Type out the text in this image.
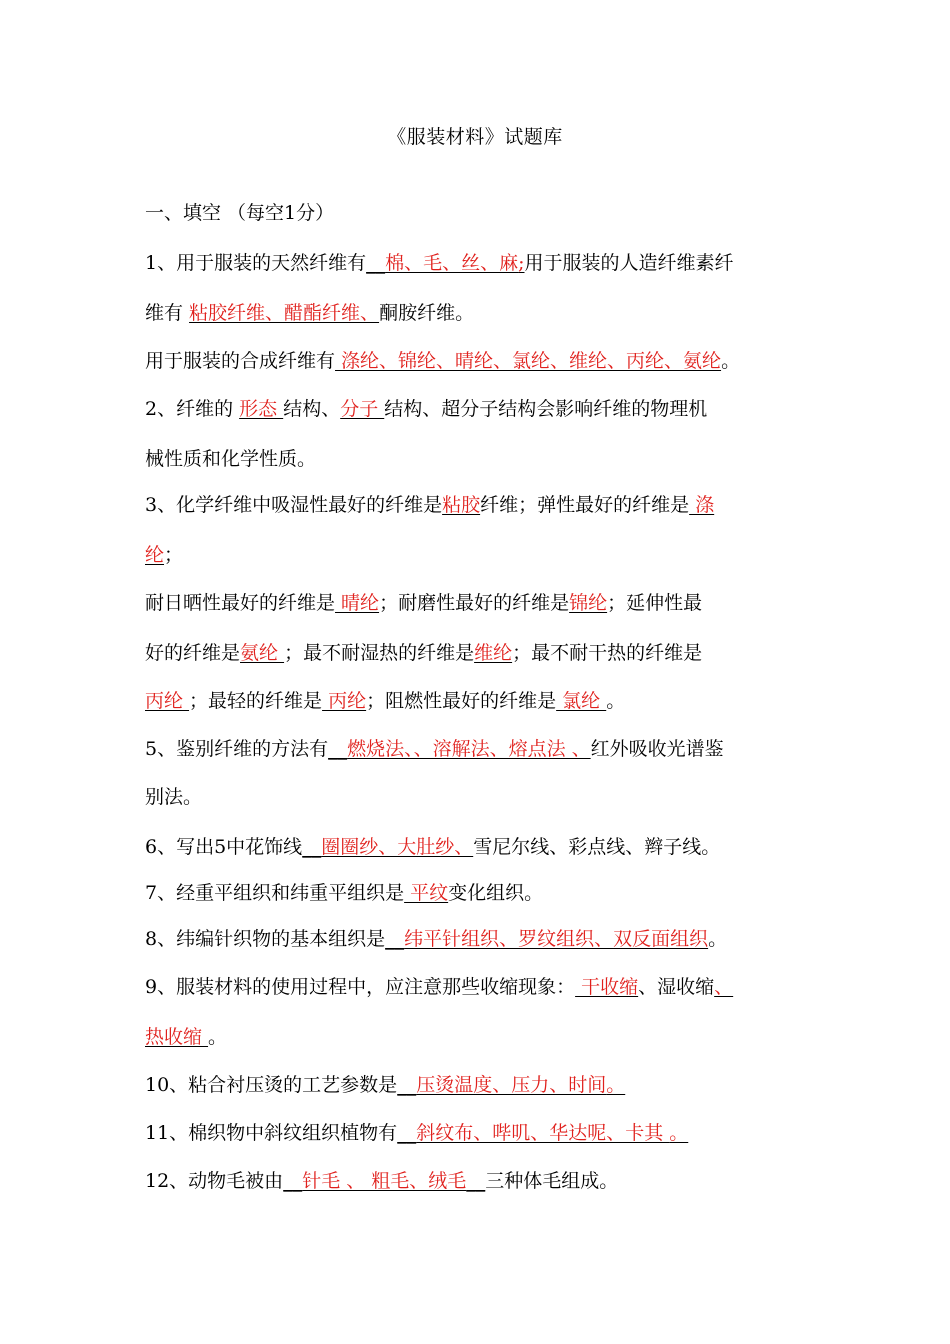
《服装材料》试题库
一、填空 （每空1分）
1、用于服装的天然纤维有__棉、毛、丝、麻;用于服装的人造纤维素纤
维有 粘胶纤维、醋酯纤维、酮胺纤维。
用于服装的合成纤维有 涤纶、锦纶、晴纶、氯纶、维纶、丙纶、氨纶。
2、纤维的 形态 结构、分子 结构、超分子结构会影响纤维的物理机
械性质和化学性质。
3、化学纤维中吸湿性最好的纤维是粘胶纤维；弹性最好的纤维是 涤
纶；
耐日晒性最好的纤维是 晴纶；耐磨性最好的纤维是锦纶；延伸性最
好的纤维是氨纶 ；最不耐湿热的纤维是维纶；最不耐干热的纤维是
丙纶 ；最轻的纤维是 丙纶；阻燃性最好的纤维是 氯纶 。
5、鉴别纤维的方法有__燃烧法、、溶解法、熔点法 、红外吸收光谱鉴
别法。
6、写出5中花饰线__圈圈纱、大肚纱、雪尼尔线、彩点线、辫子线。
7、经重平组织和纬重平组织是 平纹变化组织。
8、纬编针织物的基本组织是__纬平针组织、罗纹组织、双反面组织。
9、服装材料的使用过程中，应注意那些收缩现象： 干收缩、湿收缩、
热收缩 。
10、粘合衬压烫的工艺参数是__压烫温度、压力、时间。
11、棉织物中斜纹组织植物有__斜纹布、哔叽、华达呢、卡其 。
12、动物毛被由__针毛 、 粗毛、绒毛__三种体毛组成。
